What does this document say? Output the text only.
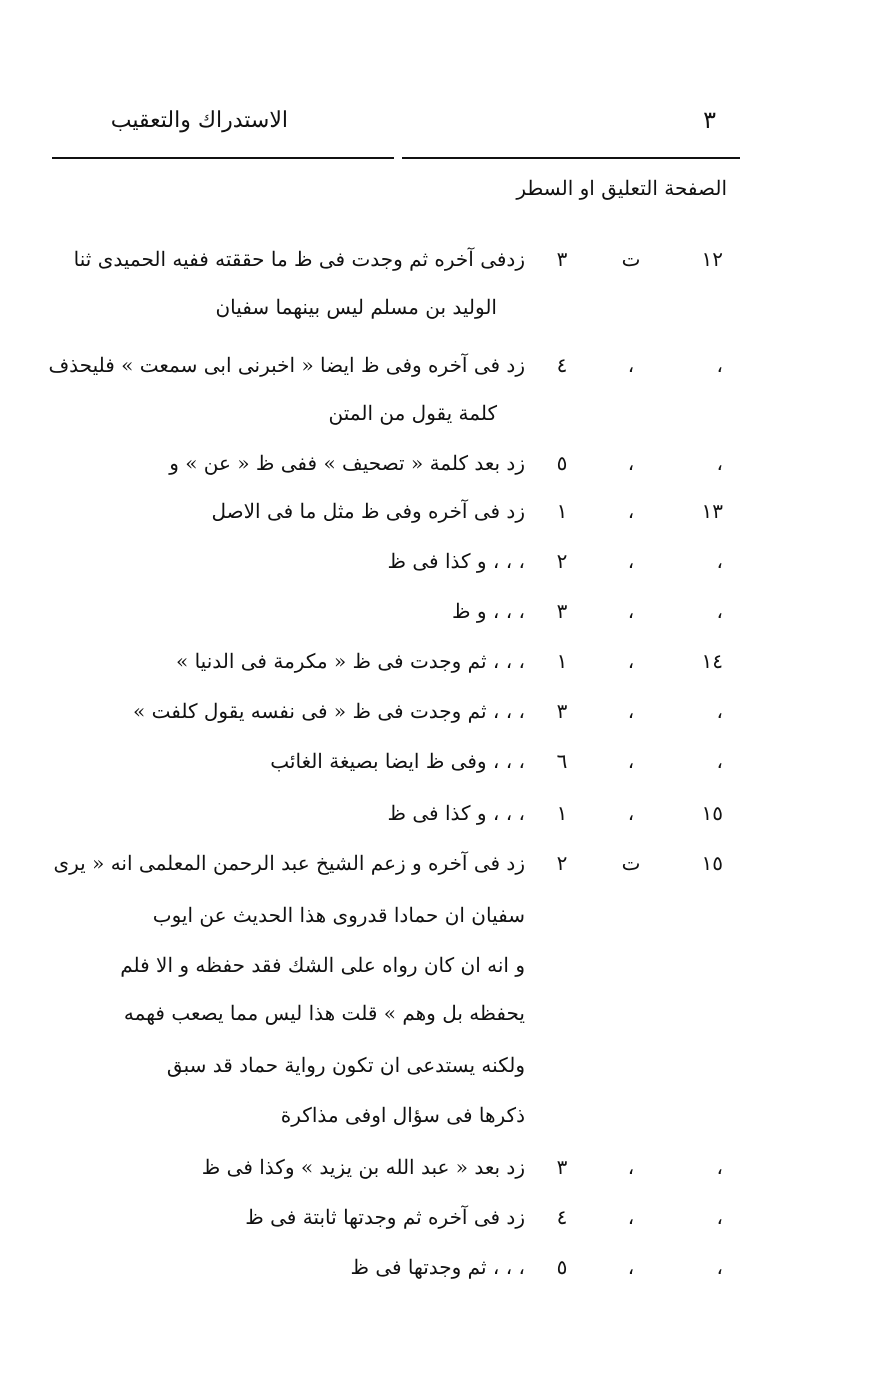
الاستدراك والتعقيب	٣
الصفحة التعليق او السطر
١٢
ت
٣
زدفى آخره ثم وجدت فى ظ ما حققته ففيه الحميدى ثنا
الوليد بن مسلم ليس بينهما سفيان
،
،
٤
زد فى آخره وفى ظ ايضا « اخبرنى ابى سمعت » فليحذف
كلمة يقول من المتن
،
،
٥
زد بعد كلمة « تصحيف » ففى ظ « عن » و
١٣
،
١
زد فى آخره وفى ظ مثل ما فى الاصل
،
،
٢
، ، ، و كذا فى ظ
،
،
٣
، ، ، و ظ
١٤
،
١
، ، ، ثم وجدت فى ظ « مكرمة فى الدنيا »
،
،
٣
، ، ، ثم وجدت فى ظ « فى نفسه يقول كلفت »
،
،
٦
، ، ، وفى ظ ايضا بصيغة الغائب
١٥
،
١
، ، ، و كذا فى ظ
١٥
ت
٢
زد فى آخره و زعم الشيخ عبد الرحمن المعلمى انه « يرى
سفيان ان حمادا قدروى هذا الحديث عن ايوب
و انه ان كان رواه على الشك فقد حفظه و الا فلم
يحفظه بل وهم » قلت هذا ليس مما يصعب فهمه
ولكنه يستدعى ان تكون رواية حماد قد سبق
ذكرها فى سؤال اوفى مذاكرة
،
،
٣
زد بعد « عبد الله بن يزيد » وكذا فى ظ
،
،
٤
زد فى آخره ثم وجدتها ثابتة فى ظ
،
،
٥
، ، ، ثم وجدتها فى ظ
